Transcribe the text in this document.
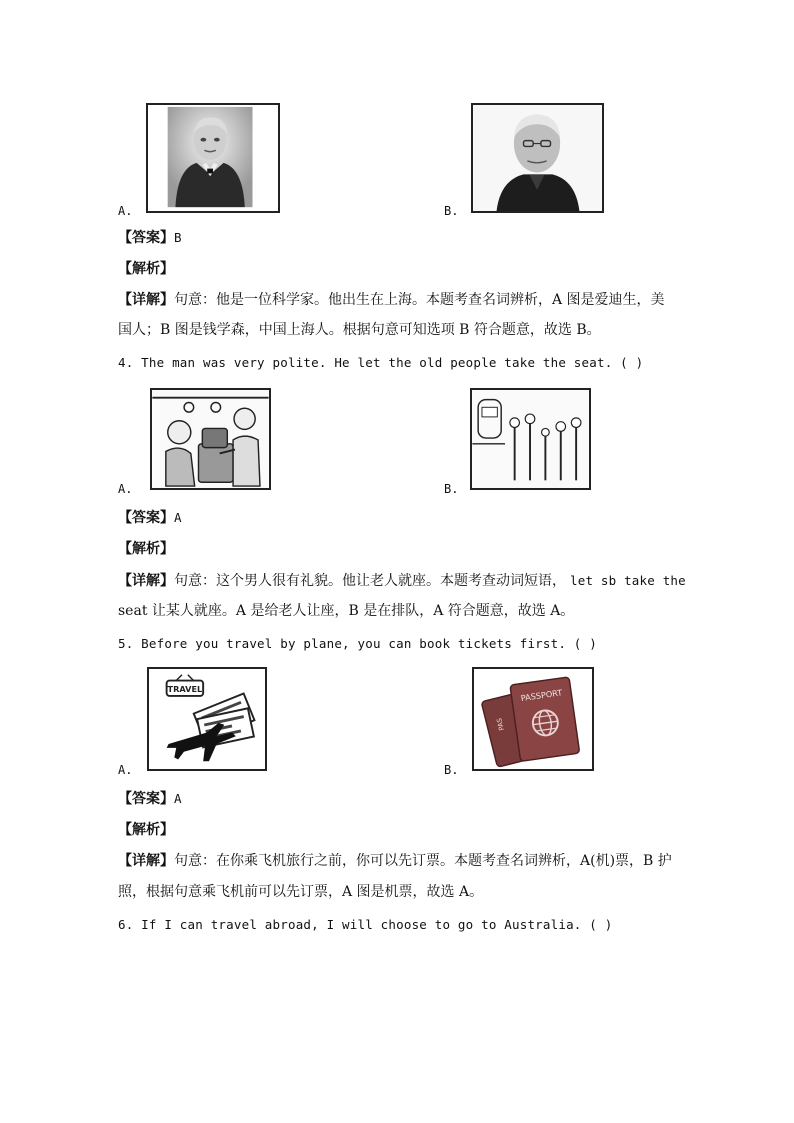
A.	B.
【答案】B
【解析】
【详解】句意：他是一位科学家。他出生在上海。本题考查名词辨析，A 图是爱迪生，美
国人；B 图是钱学森，中国上海人。根据句意可知选项 B 符合题意，故选 B。
4. The man was very polite. He let the old people take the seat. ( )
A.	B.
【答案】A
【解析】
【详解】句意：这个男人很有礼貌。他让老人就座。本题考查动词短语， let sb take the
seat 让某人就座。A 是给老人让座，B 是在排队，A 符合题意，故选 A。
5. Before you travel by plane, you can book tickets first. ( )
TRAVEL
A.
PAS
PASSPORT
B.
【答案】A
【解析】
【详解】句意：在你乘飞机旅行之前，你可以先订票。本题考查名词辨析，A(机)票，B 护
照，根据句意乘飞机前可以先订票，A 图是机票，故选 A。
6. If I can travel abroad, I will choose to go to Australia. ( )
